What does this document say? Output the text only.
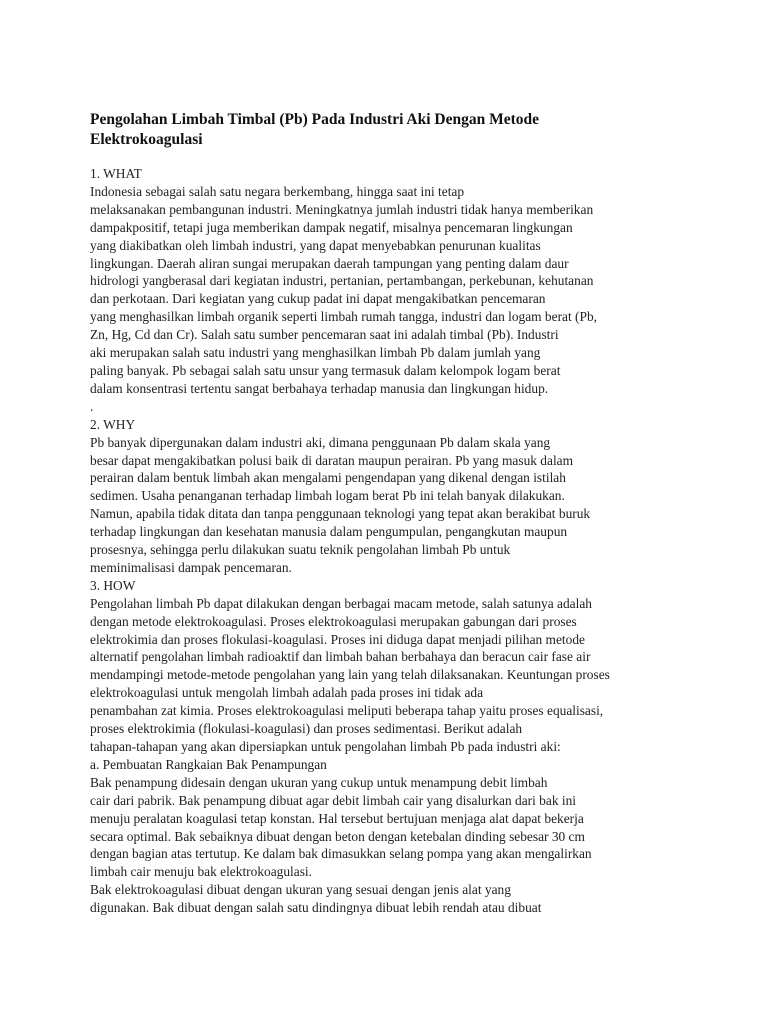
Pengolahan Limbah Timbal (Pb) Pada Industri Aki Dengan Metode
Elektrokoagulasi
1. WHAT
Indonesia sebagai salah satu negara berkembang, hingga saat ini tetap
melaksanakan pembangunan industri. Meningkatnya jumlah industri tidak hanya memberikan
dampakpositif, tetapi juga memberikan dampak negatif, misalnya pencemaran lingkungan
yang diakibatkan oleh limbah industri, yang dapat menyebabkan penurunan kualitas
lingkungan. Daerah aliran sungai merupakan daerah tampungan yang penting dalam daur
hidrologi yangberasal dari kegiatan industri, pertanian, pertambangan, perkebunan, kehutanan
dan perkotaan. Dari kegiatan yang cukup padat ini dapat mengakibatkan pencemaran
yang menghasilkan limbah organik seperti limbah rumah tangga, industri dan logam berat (Pb,
Zn, Hg, Cd dan Cr). Salah satu sumber pencemaran saat ini adalah timbal (Pb). Industri
aki merupakan salah satu industri yang menghasilkan limbah Pb dalam jumlah yang
paling banyak. Pb sebagai salah satu unsur yang termasuk dalam kelompok logam berat
dalam konsentrasi tertentu sangat berbahaya terhadap manusia dan lingkungan hidup.
.
2. WHY
Pb banyak dipergunakan dalam industri aki, dimana penggunaan Pb dalam skala yang
besar dapat mengakibatkan polusi baik di daratan maupun perairan. Pb yang masuk dalam
perairan dalam bentuk limbah akan mengalami pengendapan yang dikenal dengan istilah
sedimen. Usaha penanganan terhadap limbah logam berat Pb ini telah banyak dilakukan.
Namun, apabila tidak ditata dan tanpa penggunaan teknologi yang tepat akan berakibat buruk
terhadap lingkungan dan kesehatan manusia dalam pengumpulan, pengangkutan maupun
prosesnya, sehingga perlu dilakukan suatu teknik pengolahan limbah Pb untuk
meminimalisasi dampak pencemaran.
3. HOW
Pengolahan limbah Pb dapat dilakukan dengan berbagai macam metode, salah satunya adalah
dengan metode elektrokoagulasi. Proses elektrokoagulasi merupakan gabungan dari proses
elektrokimia dan proses flokulasi-koagulasi. Proses ini diduga dapat menjadi pilihan metode
alternatif pengolahan limbah radioaktif dan limbah bahan berbahaya dan beracun cair fase air
mendampingi metode-metode pengolahan yang lain yang telah dilaksanakan. Keuntungan proses
elektrokoagulasi untuk mengolah limbah adalah pada proses ini tidak ada
penambahan zat kimia. Proses elektrokoagulasi meliputi beberapa tahap yaitu proses equalisasi,
proses elektrokimia (flokulasi-koagulasi) dan proses sedimentasi. Berikut adalah
tahapan-tahapan yang akan dipersiapkan untuk pengolahan limbah Pb pada industri aki:
a. Pembuatan Rangkaian Bak Penampungan
Bak penampung didesain dengan ukuran yang cukup untuk menampung debit limbah
cair dari pabrik. Bak penampung dibuat agar debit limbah cair yang disalurkan dari bak ini
menuju peralatan koagulasi tetap konstan. Hal tersebut bertujuan menjaga alat dapat bekerja
secara optimal. Bak sebaiknya dibuat dengan beton dengan ketebalan dinding sebesar 30 cm
dengan bagian atas tertutup. Ke dalam bak dimasukkan selang pompa yang akan mengalirkan
limbah cair menuju bak elektrokoagulasi.
Bak elektrokoagulasi dibuat dengan ukuran yang sesuai dengan jenis alat yang
digunakan. Bak dibuat dengan salah satu dindingnya dibuat lebih rendah atau dibuat
